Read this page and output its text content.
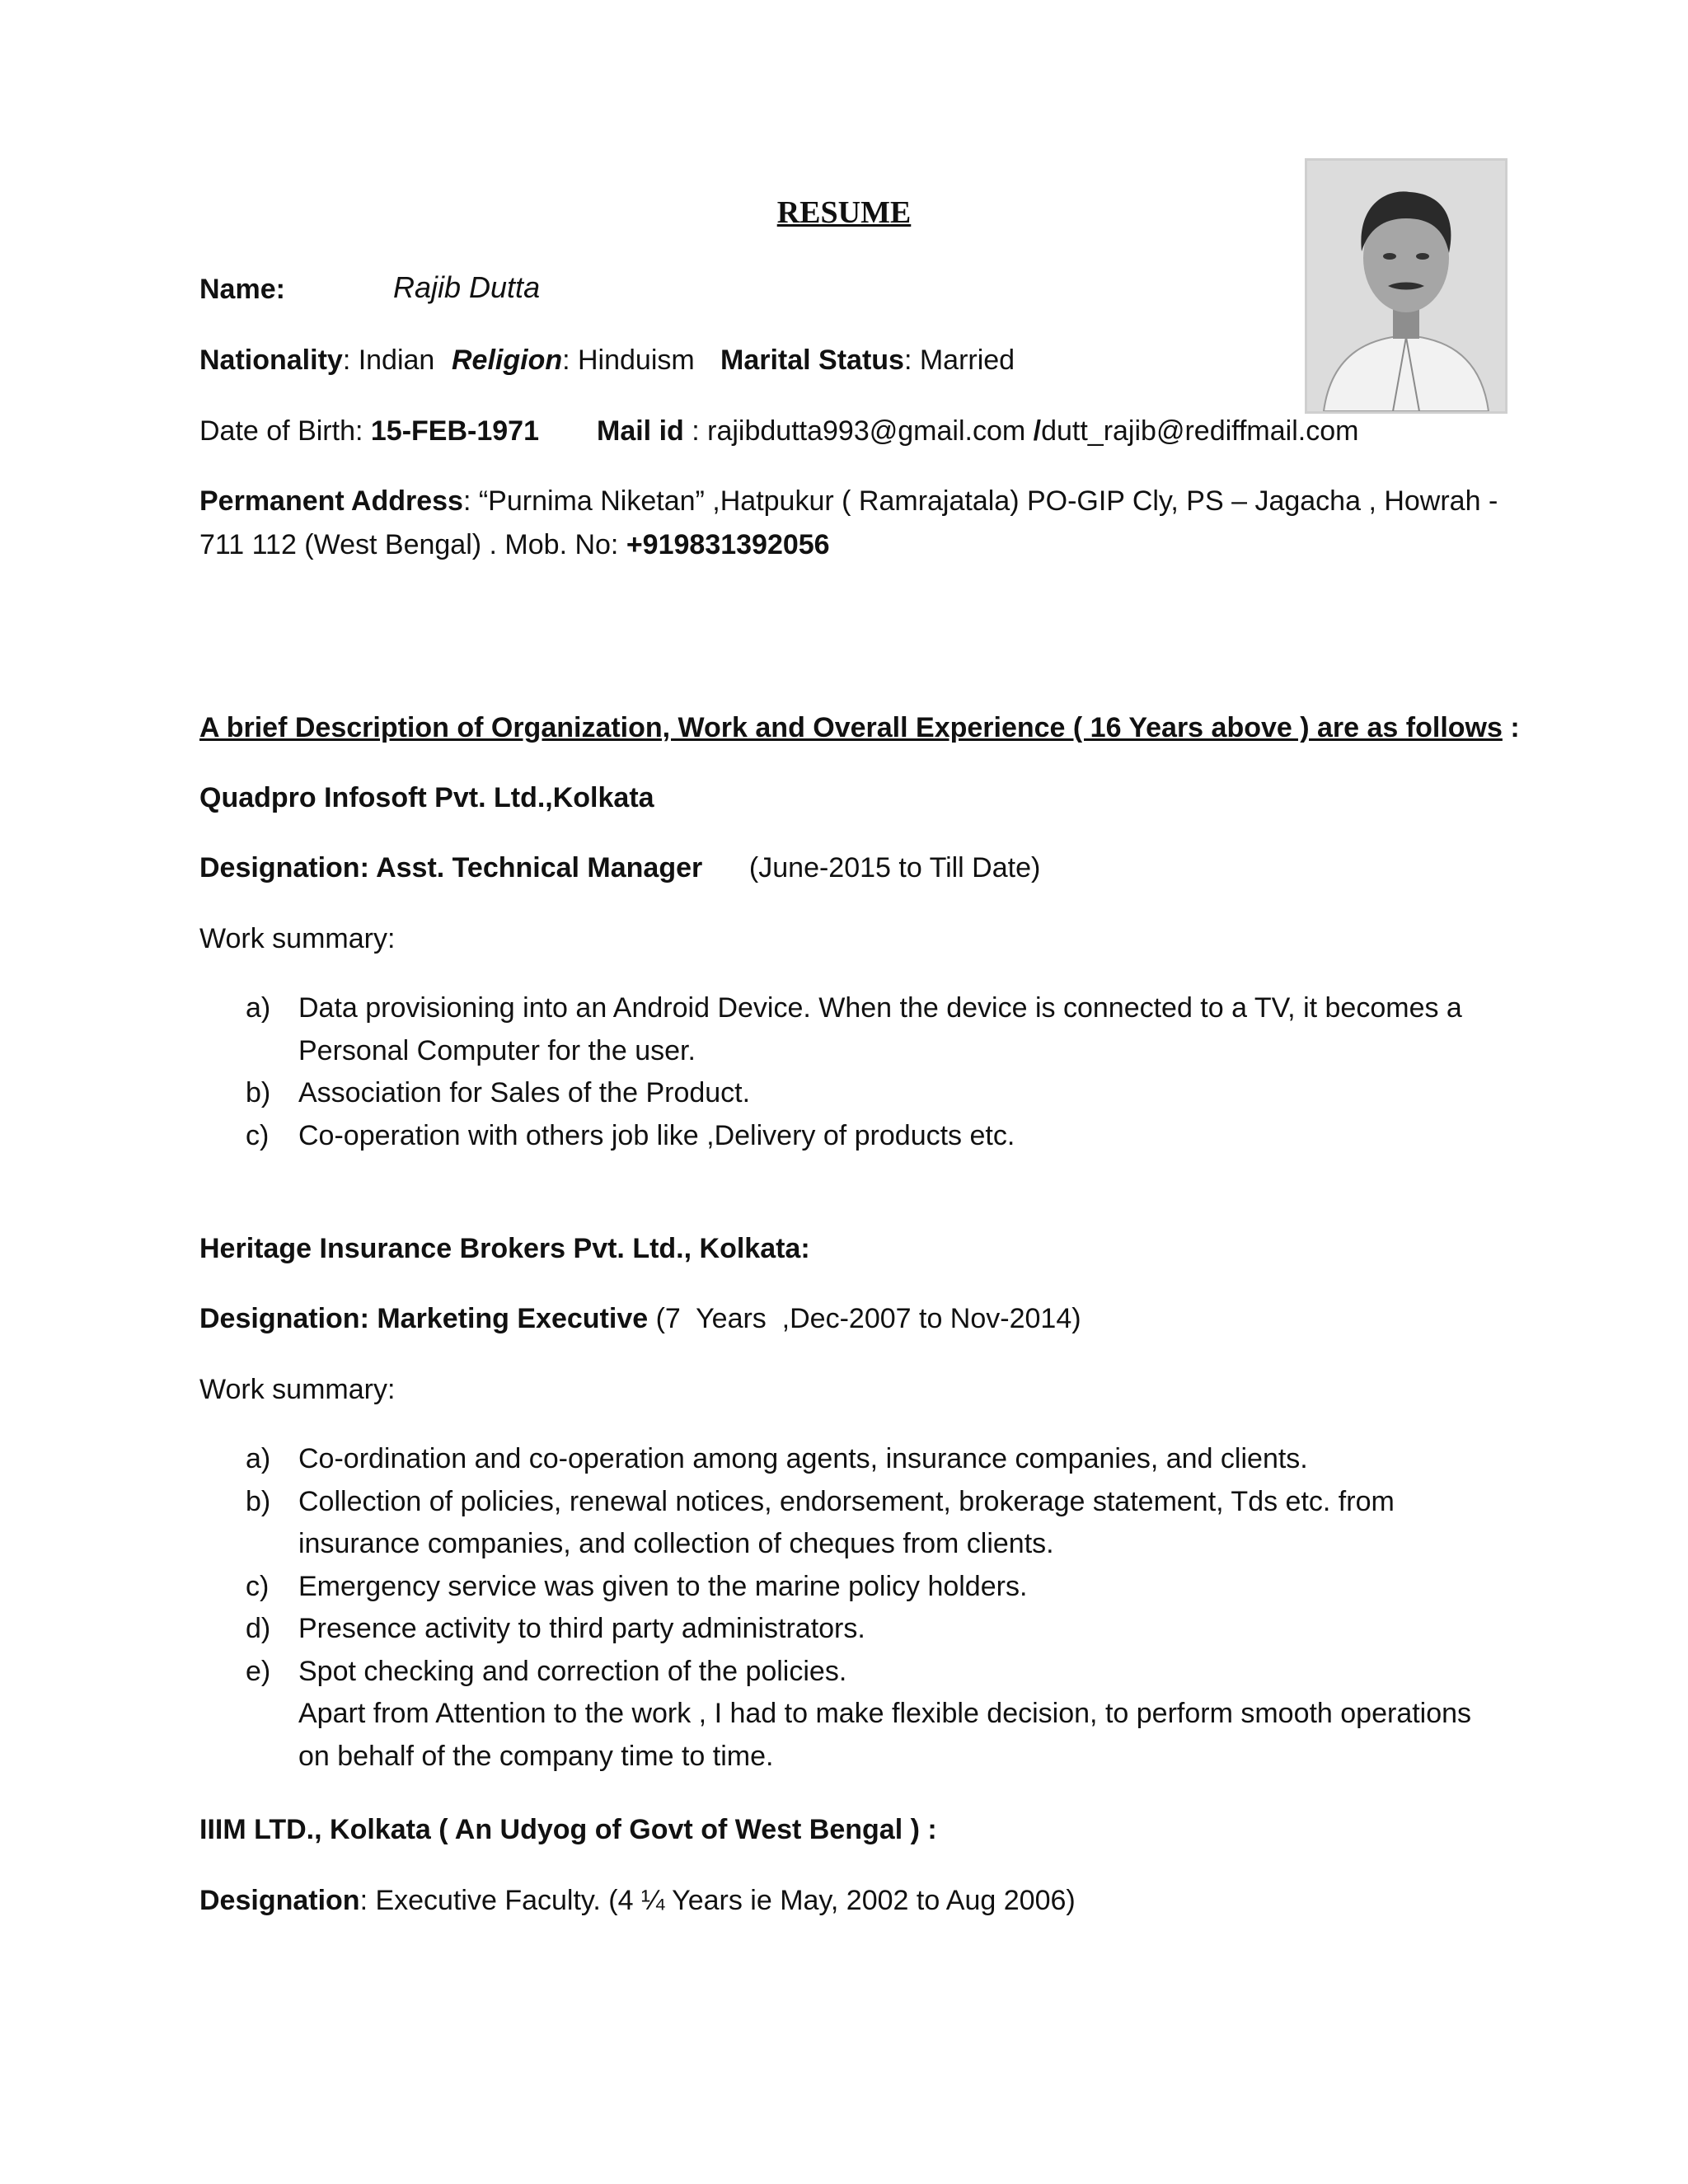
RESUME
Name:	Rajib Dutta
Nationality: Indian Religion: Hinduism Marital Status: Married
Date of Birth: 15-FEB-1971 Mail id : rajibdutta993@gmail.com /dutt_rajib@rediffmail.com
Permanent Address: “Purnima Niketan” ,Hatpukur ( Ramrajatala) PO-GIP Cly, PS – Jagacha , Howrah -
711 112 (West Bengal) . Mob. No: +919831392056
A brief Description of Organization, Work and Overall Experience ( 16 Years above ) are as follows :
Quadpro Infosoft Pvt. Ltd.,Kolkata
Designation: Asst. Technical Manager      (June-2015 to Till Date)
Work summary:
a) Data provisioning into an Android Device. When the device is connected to a TV, it becomes a Personal Computer for the user.
b) Association for Sales of the Product.
c) Co-operation with others job like ,Delivery of products etc.
Heritage Insurance Brokers Pvt. Ltd., Kolkata:
Designation: Marketing Executive (7  Years  ,Dec-2007 to Nov-2014)
Work summary:
a) Co-ordination and co-operation among agents, insurance companies, and clients.
b) Collection of policies, renewal notices, endorsement, brokerage statement, Tds etc. from insurance companies, and collection of cheques from clients.
c) Emergency service was given to the marine policy holders.
d) Presence activity to third party administrators.
e) Spot checking and correction of the policies.
Apart from Attention to the work , I had to make flexible decision, to perform smooth operations on behalf of the company time to time.
IIIM LTD., Kolkata ( An Udyog of Govt of West Bengal ) :
Designation: Executive Faculty. (4 ¼ Years ie May, 2002 to Aug 2006)
